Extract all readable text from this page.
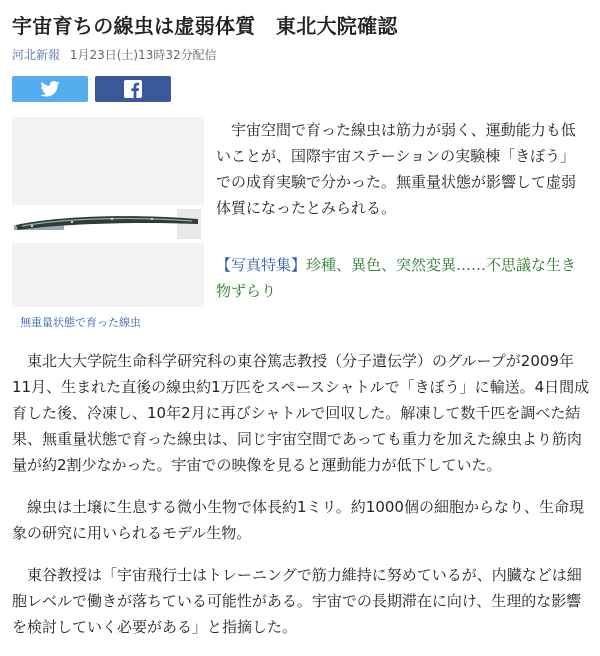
宇宙育ちの線虫は虚弱体質　東北大院確認
河北新報 1月23日(土)13時32分配信
無重量状態で育った線虫

宇宙空間で育った線虫は筋力が弱く、運動能力も低いことが、国際宇宙ステーションの実験棟「きぼう」での成育実験で分かった。無重量状態が影響して虚弱体質になったとみられる。

【写真特集】珍種、異色、突然変異……不思議な生き物ずらり

東北大大学院生命科学研究科の東谷篤志教授（分子遺伝学）のグループが2009年11月、生まれた直後の線虫約1万匹をスペースシャトルで「きぼう」に輸送。4日間成育した後、冷凍し、10年2月に再びシャトルで回収した。解凍して数千匹を調べた結果、無重量状態で育った線虫は、同じ宇宙空間であっても重力を加えた線虫より筋肉量が約2割少なかった。宇宙での映像を見ると運動能力が低下していた。

線虫は土壌に生息する微小生物で体長約1ミリ。約1000個の細胞からなり、生命現象の研究に用いられるモデル生物。

東谷教授は「宇宙飛行士はトレーニングで筋力維持に努めているが、内臓などは細胞レベルで働きが落ちている可能性がある。宇宙での長期滞在に向け、生理的な影響を検討していく必要がある」と指摘した。
